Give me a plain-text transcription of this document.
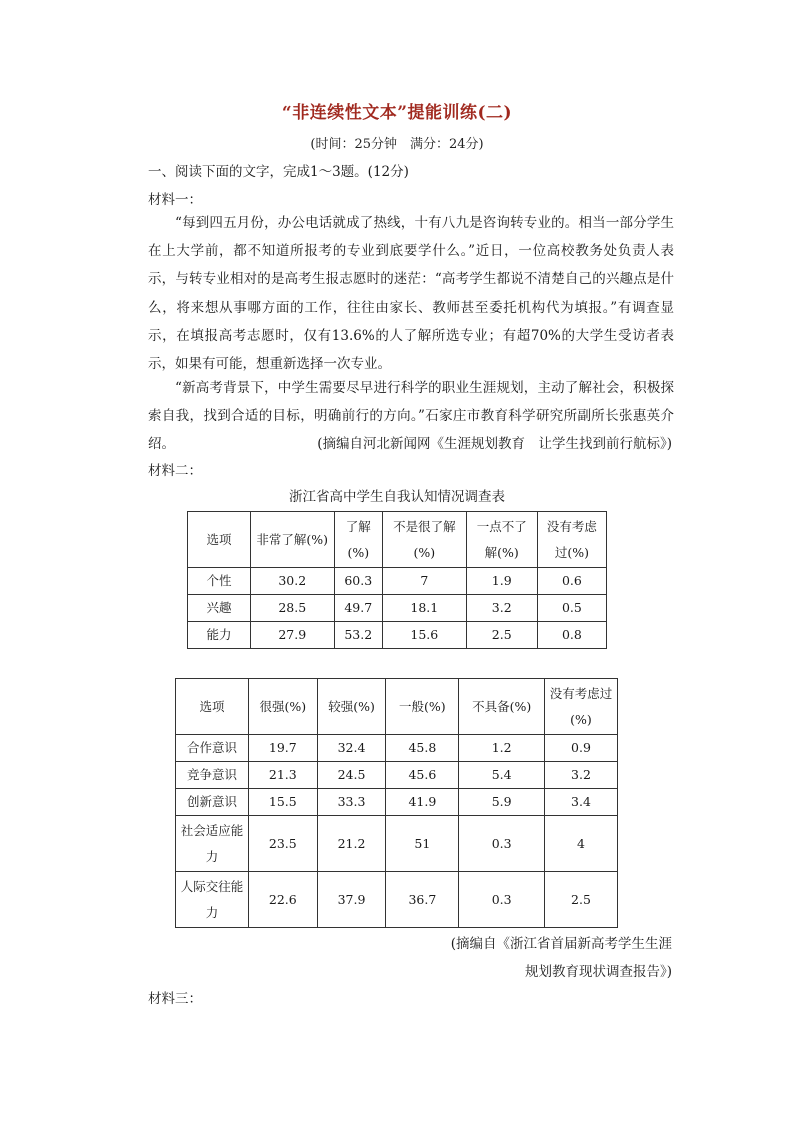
“非连续性文本”提能训练(二)
(时间：25分钟　满分：24分)
一、阅读下面的文字，完成1～3题。(12分)
材料一：

“每到四五月份，办公电话就成了热线，十有八九是咨询转专业的。相当一部分学生在上大学前，都不知道所报考的专业到底要学什么。”近日，一位高校教务处负责人表示，与转专业相对的是高考生报志愿时的迷茫：“高考学生都说不清楚自己的兴趣点是什么，将来想从事哪方面的工作，往往由家长、教师甚至委托机构代为填报。”有调查显示，在填报高考志愿时，仅有13.6%的人了解所选专业；有超70%的大学生受访者表示，如果有可能，想重新选择一次专业。

“新高考背景下，中学生需要尽早进行科学的职业生涯规划，主动了解社会，积极探索自我，找到合适的目标，明确前行的方向。”石家庄市教育科学研究所副所长张惠英介绍。	(摘编自河北新闻网《生涯规划教育　让学生找到前行航标》)
材料二：
浙江省高中学生自我认知情况调查表
选项	非常了解(%)	了解(%)	不是很了解(%)	一点不了解(%)	没有考虑过(%)
个性	30.2	60.3	7	1.9	0.6
兴趣	28.5	49.7	18.1	3.2	0.5
能力	27.9	53.2	15.6	2.5	0.8
选项	很强(%)	较强(%)	一般(%)	不具备(%)	没有考虑过(%)
合作意识	19.7	32.4	45.8	1.2	0.9
竞争意识	21.3	24.5	45.6	5.4	3.2
创新意识	15.5	33.3	41.9	5.9	3.4
社会适应能力	23.5	21.2	51	0.3	4
人际交往能力	22.6	37.9	36.7	0.3	2.5
(摘编自《浙江省首届新高考学生生涯
规划教育现状调查报告》)
材料三：
